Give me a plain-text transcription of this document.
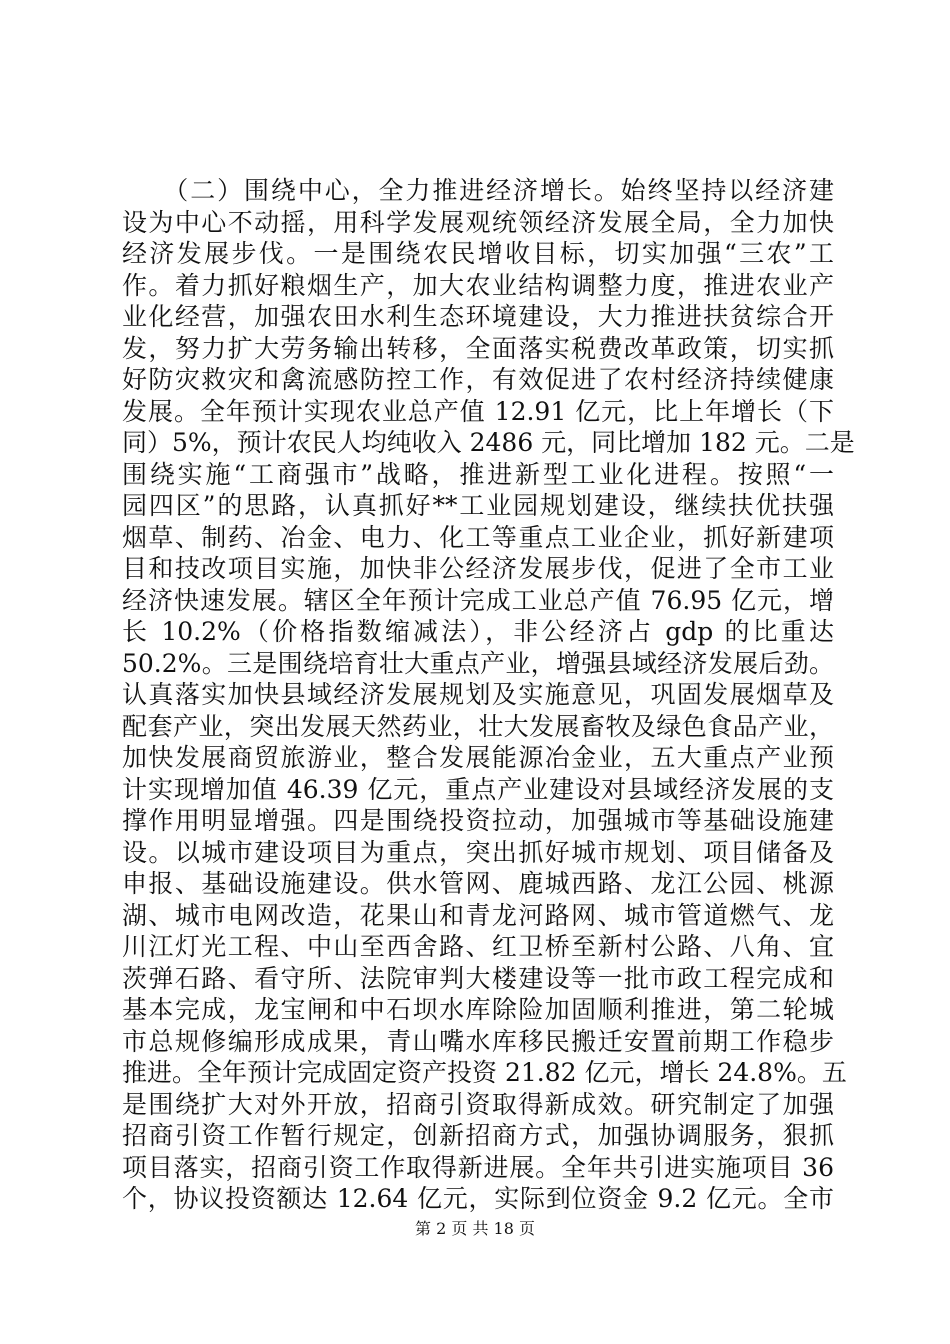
　　（二）围绕中心，全力推进经济增长。始终坚持以经济建
设为中心不动摇，用科学发展观统领经济发展全局，全力加快
经济发展步伐。一是围绕农民增收目标，切实加强“三农”工
作。着力抓好粮烟生产，加大农业结构调整力度，推进农业产
业化经营，加强农田水利生态环境建设，大力推进扶贫综合开
发，努力扩大劳务输出转移，全面落实税费改革政策，切实抓
好防灾救灾和禽流感防控工作，有效促进了农村经济持续健康
发展。全年预计实现农业总产值 12.91 亿元，比上年增长（下
同）5%，预计农民人均纯收入 2486 元，同比增加 182 元。二是
围绕实施“工商强市”战略，推进新型工业化进程。按照“一
园四区”的思路，认真抓好**工业园规划建设，继续扶优扶强
烟草、制药、冶金、电力、化工等重点工业企业，抓好新建项
目和技改项目实施，加快非公经济发展步伐，促进了全市工业
经济快速发展。辖区全年预计完成工业总产值 76.95 亿元，增
长 10.2%（价格指数缩减法），非公经济占 gdp 的比重达
50.2%。三是围绕培育壮大重点产业，增强县域经济发展后劲。
认真落实加快县域经济发展规划及实施意见，巩固发展烟草及
配套产业，突出发展天然药业，壮大发展畜牧及绿色食品产业，
加快发展商贸旅游业，整合发展能源冶金业，五大重点产业预
计实现增加值 46.39 亿元，重点产业建设对县域经济发展的支
撑作用明显增强。四是围绕投资拉动，加强城市等基础设施建
设。以城市建设项目为重点，突出抓好城市规划、项目储备及
申报、基础设施建设。供水管网、鹿城西路、龙江公园、桃源
湖、城市电网改造，花果山和青龙河路网、城市管道燃气、龙
川江灯光工程、中山至西舍路、红卫桥至新村公路、八角、宜
茨弹石路、看守所、法院审判大楼建设等一批市政工程完成和
基本完成，龙宝闸和中石坝水库除险加固顺利推进，第二轮城
市总规修编形成成果，青山嘴水库移民搬迁安置前期工作稳步
推进。全年预计完成固定资产投资 21.82 亿元，增长 24.8%。五
是围绕扩大对外开放，招商引资取得新成效。研究制定了加强
招商引资工作暂行规定，创新招商方式，加强协调服务，狠抓
项目落实，招商引资工作取得新进展。全年共引进实施项目 36
个，协议投资额达 12.64 亿元，实际到位资金 9.2 亿元。全市
第 2 页 共 18 页
